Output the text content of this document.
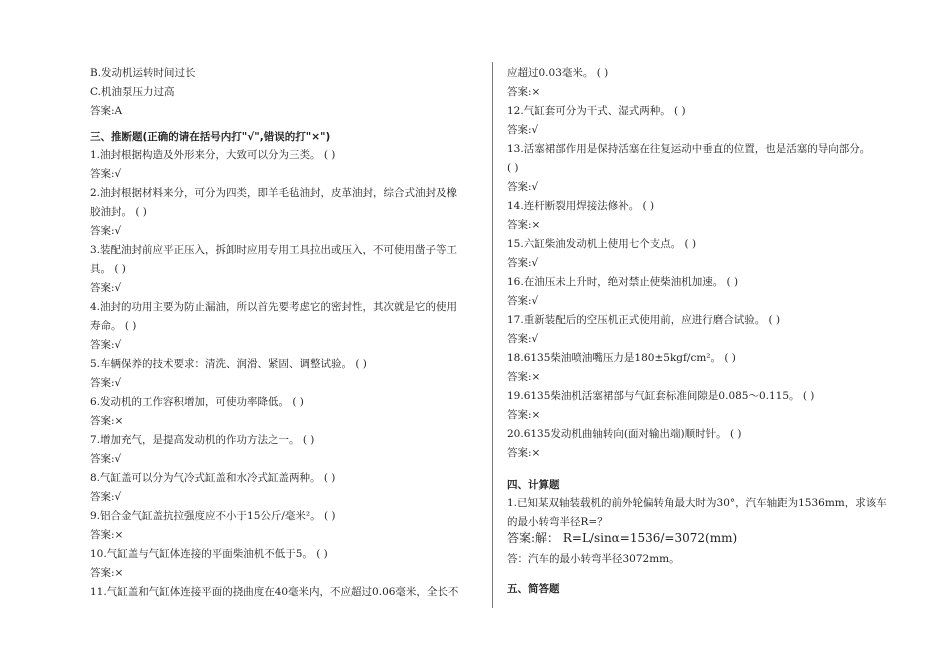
B.发动机运转时间过长
C.机油泵压力过高
答案:A
三、推断题(正确的请在括号内打"√",错误的打"×")
1.油封根据构造及外形来分，大致可以分为三类。 ( )
答案:√
2.油封根据材料来分，可分为四类，即羊毛毡油封，皮革油封，综合式油封及橡
胶油封。 ( )
答案:√
3.装配油封前应平正压入，拆卸时应用专用工具拉出或压入，不可使用凿子等工
具。 ( )
答案:√
4.油封的功用主要为防止漏油，所以首先要考虑它的密封性，其次就是它的使用
寿命。 ( )
答案:√
5.车辆保养的技术要求：清洗、润滑、紧固、调整试验。 ( )
答案:√
6.发动机的工作容积增加，可使功率降低。 ( )
答案:×
7.增加充气，是提高发动机的作功方法之一。 ( )
答案:√
8.气缸盖可以分为气冷式缸盖和水冷式缸盖两种。 ( )
答案:√
9.铝合金气缸盖抗拉强度应不小于15公斤/毫米²。 ( )
答案:×
10.气缸盖与气缸体连接的平面柴油机不低于5。 ( )
答案:×
11.气缸盖和气缸体连接平面的挠曲度在40毫米内，不应超过0.06毫米，全长不
应超过0.03毫米。 ( )
答案:×
12.气缸套可分为干式、湿式两种。 ( )
答案:√
13.活塞裙部作用是保持活塞在往复运动中垂直的位置，也是活塞的导向部分。
( )
答案:√
14.连杆断裂用焊接法修补。 ( )
答案:×
15.六缸柴油发动机上使用七个支点。 ( )
答案:√
16.在油压未上升时，绝对禁止使柴油机加速。 ( )
答案:√
17.重新装配后的空压机正式使用前，应进行磨合试验。 ( )
答案:√
18.6135柴油喷油嘴压力是180±5kgf/cm²。 ( )
答案:×
19.6135柴油机活塞裙部与气缸套标准间隙是0.085～0.115。 ( )
答案:×
20.6135发动机曲轴转向(面对输出端)顺时针。 ( )
答案:×
四、计算题
1.已知某双轴装载机的前外轮偏转角最大时为30°，汽车轴距为1536mm，求该车
的最小转弯半径R=？
答案:解： R=L/sinα=1536/=3072(mm)
答：汽车的最小转弯半径3072mm。
五、简答题
